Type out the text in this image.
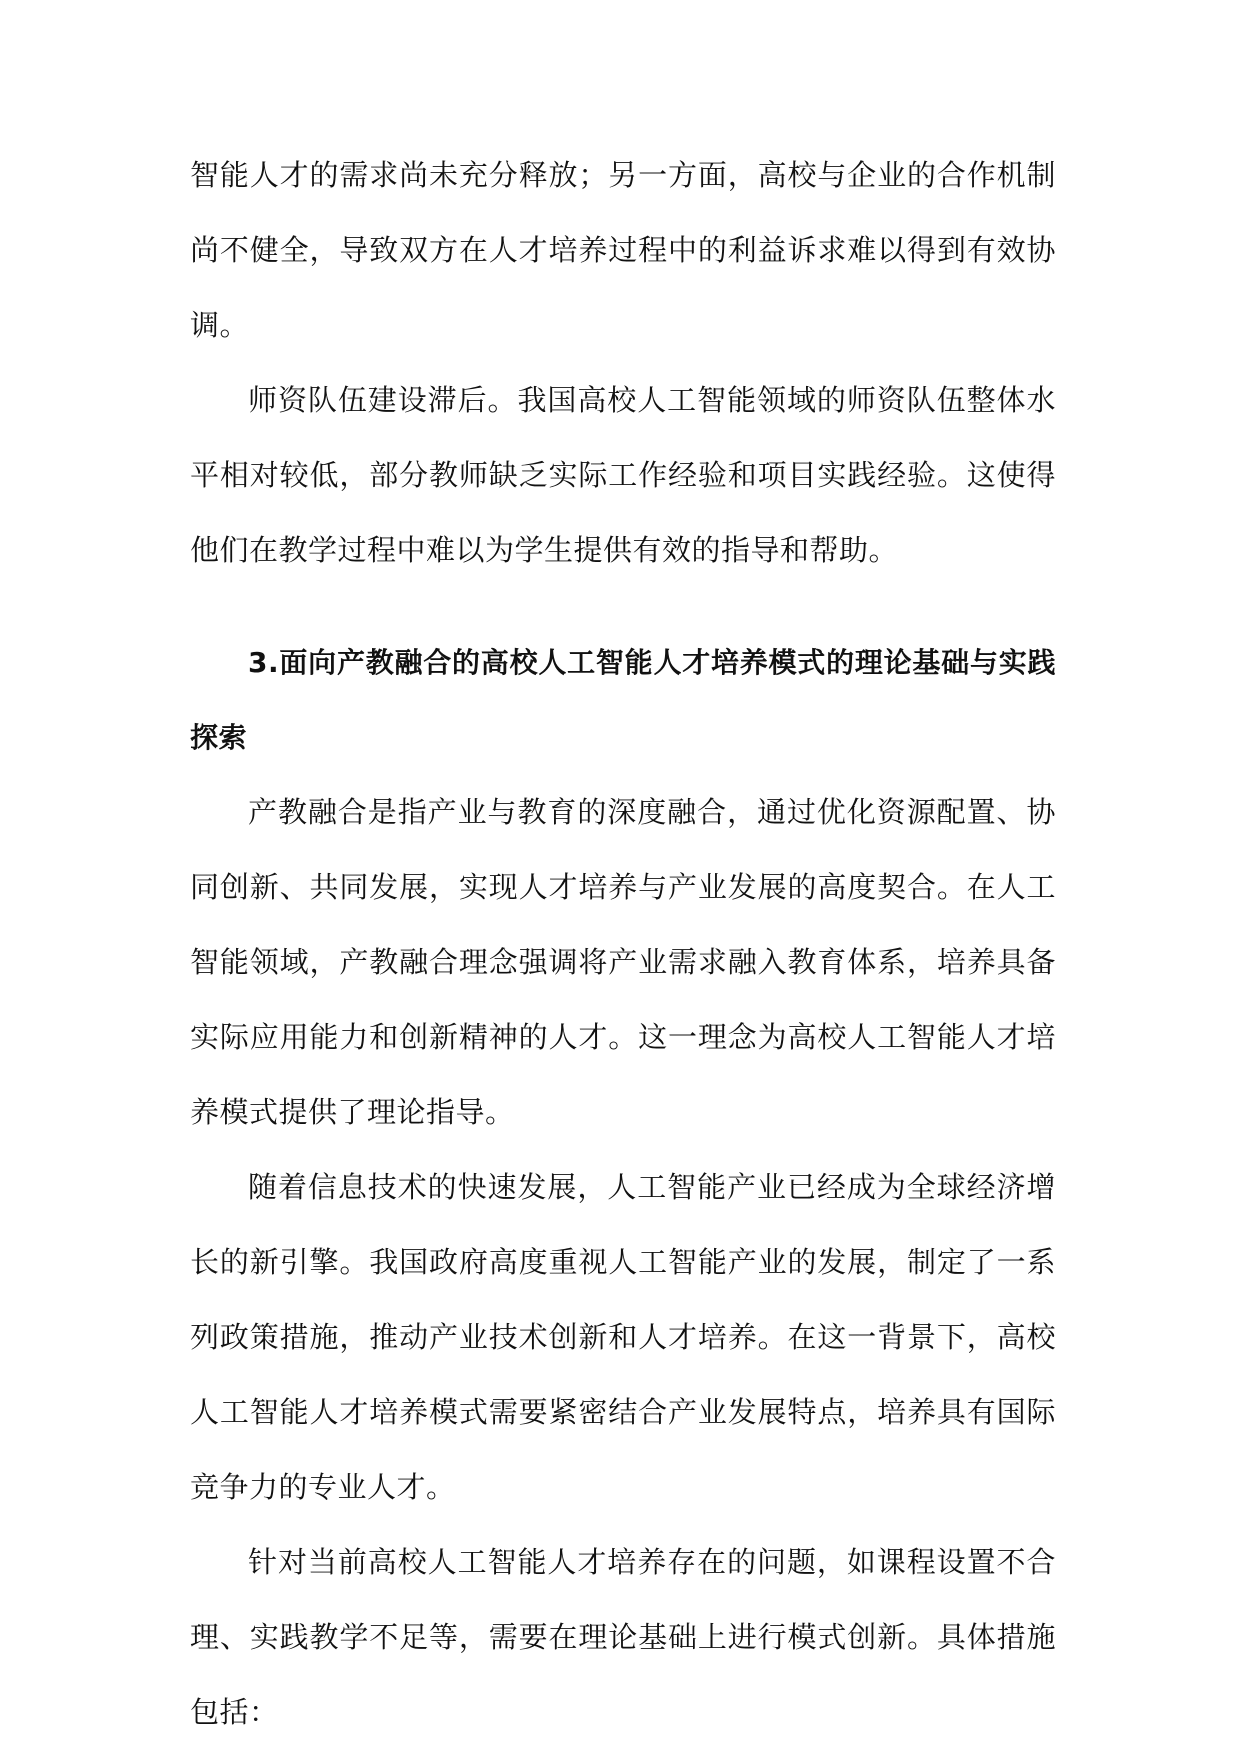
智能人才的需求尚未充分释放；另一方面，高校与企业的合作机制尚不健全，导致双方在人才培养过程中的利益诉求难以得到有效协调。

师资队伍建设滞后。我国高校人工智能领域的师资队伍整体水平相对较低，部分教师缺乏实际工作经验和项目实践经验。这使得他们在教学过程中难以为学生提供有效的指导和帮助。

3.面向产教融合的高校人工智能人才培养模式的理论基础与实践探索

产教融合是指产业与教育的深度融合，通过优化资源配置、协同创新、共同发展，实现人才培养与产业发展的高度契合。在人工智能领域，产教融合理念强调将产业需求融入教育体系，培养具备实际应用能力和创新精神的人才。这一理念为高校人工智能人才培养模式提供了理论指导。

随着信息技术的快速发展，人工智能产业已经成为全球经济增长的新引擎。我国政府高度重视人工智能产业的发展，制定了一系列政策措施，推动产业技术创新和人才培养。在这一背景下，高校人工智能人才培养模式需要紧密结合产业发展特点，培养具有国际竞争力的专业人才。

针对当前高校人工智能人才培养存在的问题，如课程设置不合理、实践教学不足等，需要在理论基础上进行模式创新。具体措施包括：
